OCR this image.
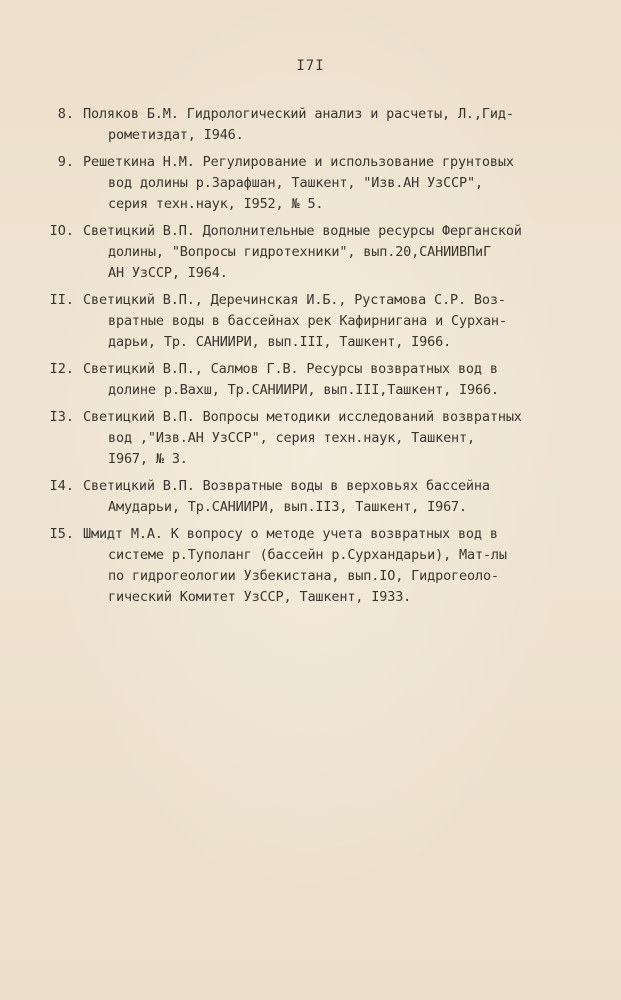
I7I
8. Поляков Б.М. Гидрологический анализ и расчеты, Л.,Гид-
рометиздат, I946.
9. Решеткина Н.М. Регулирование и использование грунтовых
вод долины р.Зарафшан, Ташкент, "Изв.АН УзССР",
серия техн.наук, I952, № 5.
IO. Светицкий В.П. Дополнительные водные ресурсы Ферганской
долины, "Вопросы гидротехники", вып.20,САНИИВПиГ
АН УзССР, I964.
II. Светицкий В.П., Деречинская И.Б., Рустамова С.Р. Воз-
вратные воды в бассейнах рек Кафирнигана и Сурхан-
дарьи, Тр. САНИИРИ, вып.III, Ташкент, I966.
I2. Светицкий В.П., Салмов Г.В. Ресурсы возвратных вод в
долине р.Вахш, Тр.САНИИРИ, вып.III,Ташкент, I966.
I3. Светицкий В.П. Вопросы методики исследований возвратных
вод ,"Изв.АН УзССР", серия техн.наук, Ташкент,
I967, № 3.
I4. Светицкий В.П. Возвратные воды в верховьях бассейна
Амударьи, Тр.САНИИРИ, вып.II3, Ташкент, I967.
I5. Шмидт М.А. К вопросу о методе учета возвратных вод в
системе р.Туполанг (бассейн р.Сурхандарьи), Мат-лы
по гидрогеологии Узбекистана, вып.IO, Гидрогеоло-
гический Комитет УзССР, Ташкент, I933.
